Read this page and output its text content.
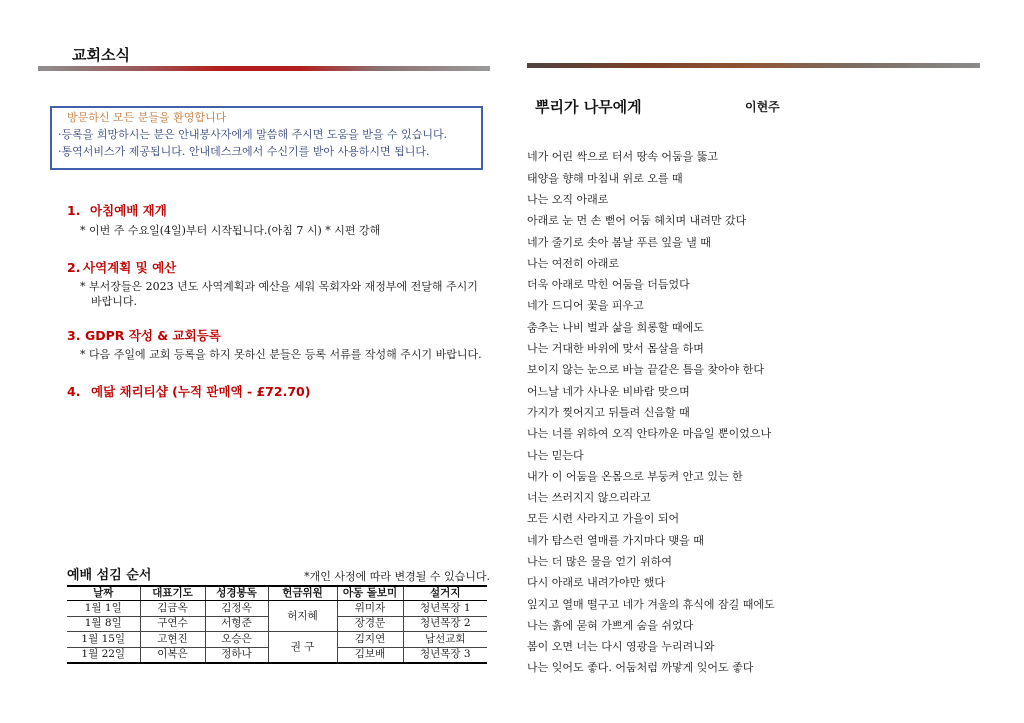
교회소식
방문하신 모든 분들을 환영합니다
·등록을 희망하시는 분은 안내봉사자에게 말씀해 주시면 도움을 받을 수 있습니다.
·통역서비스가 제공됩니다. 안내데스크에서 수신기를 받아 사용하시면 됩니다.
1. 아침예배 재개
* 이번 주 수요일(4일)부터 시작됩니다.(아침 7 시) * 시편 강해
2. 사역계획 및 예산
* 부서장들은 2023 년도 사역계획과 예산을 세워 목회자와 재정부에 전달해 주시기
바랍니다.
3. GDPR 작성 & 교회등록
* 다음 주일에 교회 등록을 하지 못하신 분들은 등록 서류를 작성해 주시기 바랍니다.
4. 예닮 채리티샵 (누적 판매액 - £72.70)
예배 섬김 순서	*개인 사정에 따라 변경될 수 있습니다.
날짜	대표기도	성경봉독	헌금위원	아동 돌보미	설거지
1월 1일	김금옥	김정옥	허지혜	위미자	청년목장 1
1월 8일	구연수	서형준		장경문	청년목장 2
1월 15일	고현진	오승은	권 구	김지연	남선교회
1월 22일	이복은	정하나		김보배	청년목장 3
뿌리가 나무에게	이현주
네가 어린 싹으로 터서 땅속 어둠을 뚫고
태양을 향해 마침내 위로 오를 때
나는 오직 아래로
아래로 눈 먼 손 뻗어 어둠 헤치며 내려만 갔다
네가 줄기로 솟아 봄날 푸른 잎을 낼 때
나는 여전히 아래로
더욱 아래로 막힌 어둠을 더듬었다
네가 드디어 꽃을 피우고
춤추는 나비 벌과 삶을 희롱할 때에도
나는 거대한 바위에 맞서 몸살을 하며
보이지 않는 눈으로 바늘 끝같은 틈을 찾아야 한다
어느날 네가 사나운 비바람 맞으며
가지가 찢어지고 뒤틀려 신음할 때
나는 너를 위하여 오직 안타까운 마음일 뿐이었으나
나는 믿는다
내가 이 어둠을 온몸으로 부둥켜 안고 있는 한
너는 쓰러지지 않으리라고
모든 시련 사라지고 가을이 되어
네가 탐스런 열매를 가지마다 맺을 때
나는 더 많은 물을 얻기 위하여
다시 아래로 내려가야만 했다
잎지고 열매 떨구고 네가 겨울의 휴식에 잠길 때에도
나는 흙에 묻혀 가쁘게 숨을 쉬었다
봄이 오면 너는 다시 영광을 누리려니와
나는 잊어도 좋다. 어둠처럼 까맣게 잊어도 좋다
